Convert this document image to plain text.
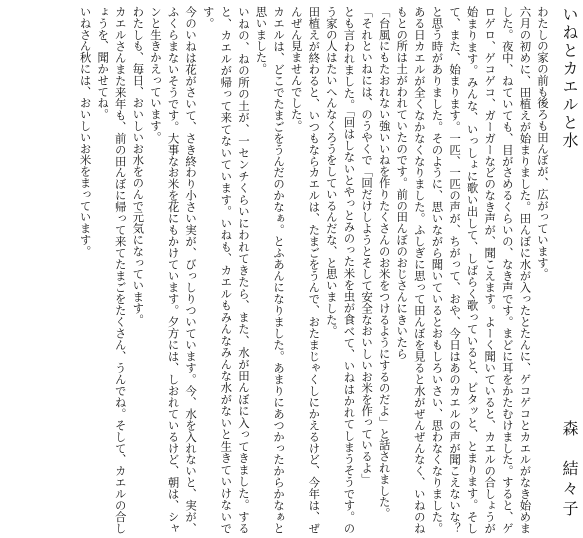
いねとカエルと水
森　結々子

わたしの家の前も後ろも田んぼが、広がっています。

六月の初めに、田植えが始まりました。田んぼに水が入ったとたんに、ゲコゲコとカエルがなき始めました。夜中、ねていても、目がさめるくらいの、なき声です。まどに耳をかたむけました。すると、ゲロゲロ、ゲコゲコ、ガーガーなどのなき声が、聞こえます。よーく聞いていると、カエルの合しょうが始まります。みんな、いっしょに歌い出して、しばらく歌っていると、ピタッと、とまります。そして、また、始まります。一匹、一匹の声が、ちがって、おや、今日はあのカエルの声が聞こえないな？と思う時がありました。そのように、思いながら聞いているとおもしろいさい、思わなくなりました。ある日カエルが全くなかなくなりました。ふしぎに思って田んぼを見ると水がぜんぜんなく、いねのねもとの所は土がわれていたのです。前の田んぼのおじさんにきいたら

「台風にもたおれない強いいねを作りたくさんのお米をつけるようにするのだよ」と話されました。

「それといねには、のうやくで「回だけしようとそして安全なおいしいお米を作っているよ」

とも言われました。「回はしないとやっとみのった米を虫が食べて、いねはかれてしまうそうです。のう家の人はたいへんなくろうをしているんだな、と思いました。

田植えが終わると、いつもならカエルは、たまごをうんで、おたまじゃくしにかえるけど、今年は、ぜんぜん見ませんでした。

カエルは、どこでたまごをうんだのかなぁ。とふあんになりました。あまりにあつかったからかなぁと思いました。

いねの、ねの所の土が、一センチくらいにわれてきたら、また、水が田んぼに入ってきました。すると、カエルが帰って来てないています。いねも、カエルもみんなみんな水がないと生きていけないです。

今のいねは花がさいて、さき終わり小さい実が、びっしりついています。今、水を入れないと、実が、ふくらまないそうです。大事なお米を花にもかけています。夕方には、しおれているけど、朝は、シャンと生きかえっています。

わたしも、毎日、おいしいお水をのんで元気になっています。

カエルさんまた来年も、前の田んぼに帰って来てたまごをたくさん、うんでね。そして、カエルの合しょうを、聞かせてね。

いねさん秋には、おいしいお米をまっています。
